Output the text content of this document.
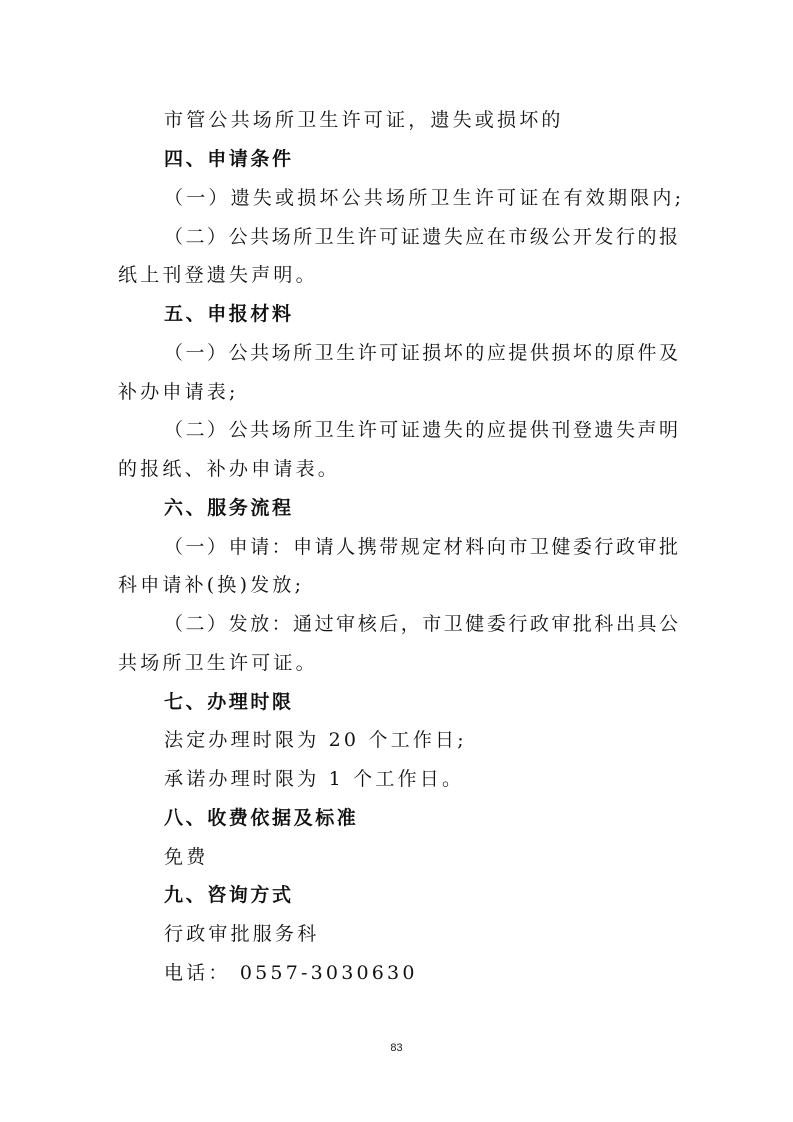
市管公共场所卫生许可证，遗失或损坏的

四、申请条件

（一）遗失或损坏公共场所卫生许可证在有效期限内;

（二）公共场所卫生许可证遗失应在市级公开发行的报

纸上刊登遗失声明。

五、申报材料

（一）公共场所卫生许可证损坏的应提供损坏的原件及

补办申请表;

（二）公共场所卫生许可证遗失的应提供刊登遗失声明

的报纸、补办申请表。

六、服务流程

（一）申请：申请人携带规定材料向市卫健委行政审批

科申请补(换)发放;

（二）发放：通过审核后，市卫健委行政审批科出具公

共场所卫生许可证。

七、办理时限

法定办理时限为 20 个工作日;

承诺办理时限为 1 个工作日。

八、收费依据及标准

免费

九、咨询方式

行政审批服务科

电话： 0557-3030630

83
